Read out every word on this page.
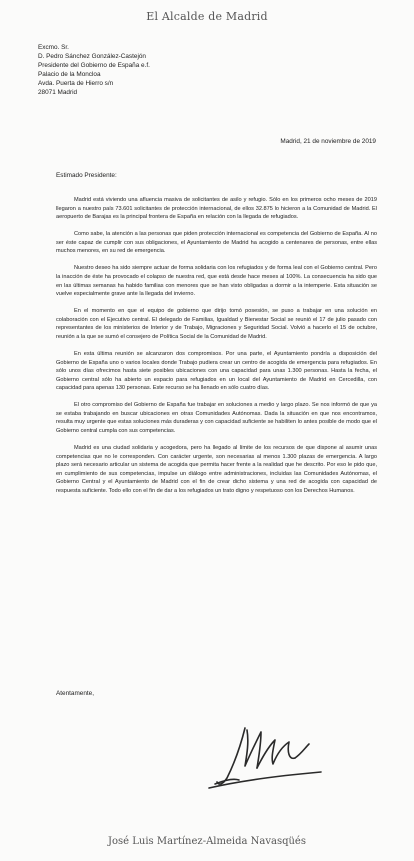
El Alcalde de Madrid
Excmo. Sr.
D. Pedro Sánchez González-Castejón
Presidente del Gobierno de España e.f.
Palacio de la Moncloa
Avda. Puerta de Hierro s/n
28071 Madrid
Madrid, 21 de noviembre de 2019
Estimado Presidente:

Madrid está viviendo una afluencia masiva de solicitantes de asilo y refugio. Sólo en los primeros ocho meses de 2019 llegaron a nuestro país 73.601 solicitantes de protección internacional, de ellos 32.875 lo hicieron a la Comunidad de Madrid. El aeropuerto de Barajas es la principal frontera de España en relación con la llegada de refugiados.

Como sabe, la atención a las personas que piden protección internacional es competencia del Gobierno de España. Al no ser éste capaz de cumplir con sus obligaciones, el Ayuntamiento de Madrid ha acogido a centenares de personas, entre ellas muchos menores, en su red de emergencia.

Nuestro deseo ha sido siempre actuar de forma solidaria con los refugiados y de forma leal con el Gobierno central. Pero la inacción de éste ha provocado el colapso de nuestra red, que está desde hace meses al 100%. La consecuencia ha sido que en las últimas semanas ha habido familias con menores que se han visto obligadas a dormir a la intemperie. Esta situación se vuelve especialmente grave ante la llegada del invierno.

En el momento en que el equipo de gobierno que dirijo tomó posesión, se puso a trabajar en una solución en colaboración con el Ejecutivo central. El delegado de Familias, Igualdad y Bienestar Social se reunió el 17 de julio pasado con representantes de los ministerios de Interior y de Trabajo, Migraciones y Seguridad Social. Volvió a hacerlo el 15 de octubre, reunión a la que se sumó el consejero de Política Social de la Comunidad de Madrid.

En esta última reunión se alcanzaron dos compromisos. Por una parte, el Ayuntamiento pondría a disposición del Gobierno de España uno o varios locales donde Trabajo pudiera crear un centro de acogida de emergencia para refugiados. En sólo unos días ofrecimos hasta siete posibles ubicaciones con una capacidad para unas 1.300 personas. Hasta la fecha, el Gobierno central sólo ha abierto un espacio para refugiados en un local del Ayuntamiento de Madrid en Cercedilla, con capacidad para apenas 130 personas. Este recurso se ha llenado en sólo cuatro días.

El otro compromiso del Gobierno de España fue trabajar en soluciones a medio y largo plazo. Se nos informó de que ya se estaba trabajando en buscar ubicaciones en otras Comunidades Autónomas. Dada la situación en que nos encontramos, resulta muy urgente que estas soluciones más duraderas y con capacidad suficiente se habiliten lo antes posible de modo que el Gobierno central cumpla con sus competencias.

Madrid es una ciudad solidaria y acogedora, pero ha llegado al límite de los recursos de que dispone al asumir unas competencias que no le corresponden. Con carácter urgente, son necesarias al menos 1.300 plazas de emergencia. A largo plazo será necesario articular un sistema de acogida que permita hacer frente a la realidad que he descrito. Por eso le pido que, en cumplimiento de sus competencias, impulse un diálogo entre administraciones, incluidas las Comunidades Autónomas, el Gobierno Central y el Ayuntamiento de Madrid con el fin de crear dicho sistema y una red de acogida con capacidad de respuesta suficiente. Todo ello con el fin de dar a los refugiados un trato digno y respetuoso con los Derechos Humanos.

Atentamente,
José Luis Martínez-Almeida Navasqüés
